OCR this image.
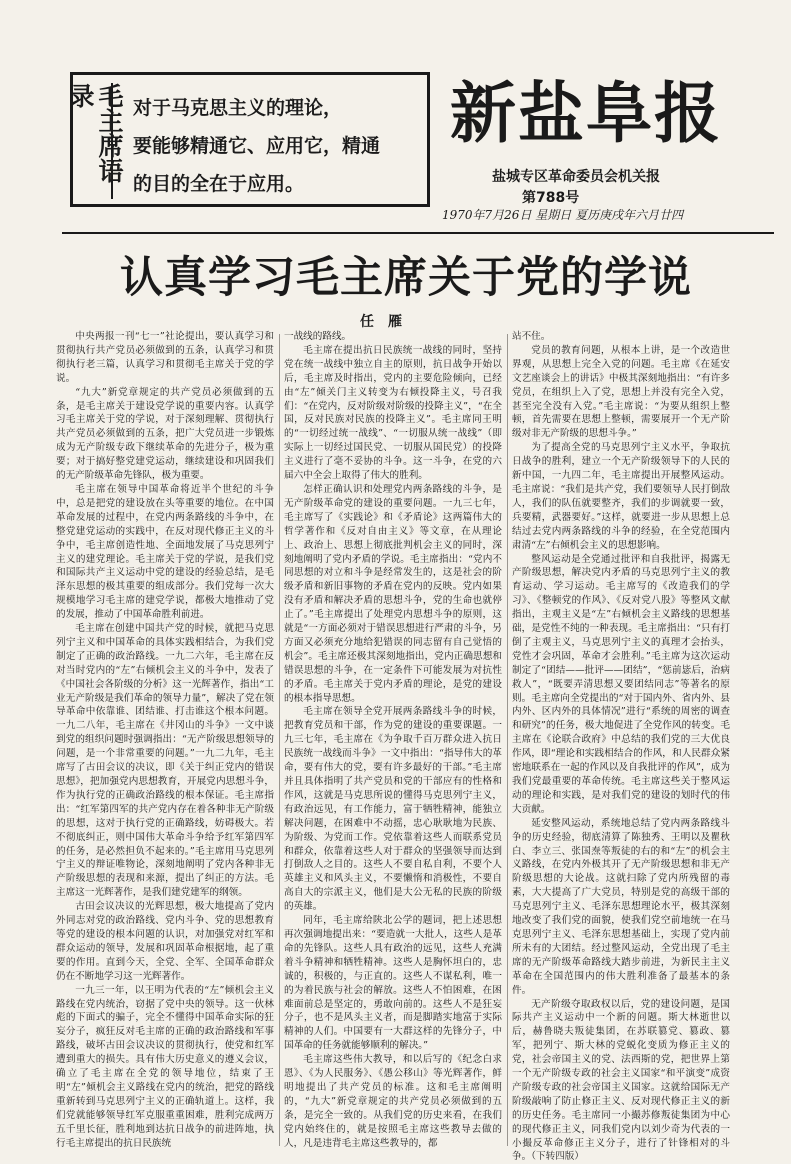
毛主席语录	对于马克思主义的理论，
要能够精通它、应用它，精通
的目的全在于应用。
新盐阜报
盐城专区革命委员会机关报
第788号
1970年7月26日 星期日 夏历庚戌年六月廿四
认真学习毛主席关于党的学说
任雁

中央两报一刊“七一”社论提出，要认真学习和贯彻执行共产党员必须做到的五条，认真学习和贯彻执行老三篇，认真学习和贯彻毛主席关于党的学说。

“九大”新党章规定的共产党员必须做到的五条，是毛主席关于建设党学说的重要内容。认真学习毛主席关于党的学说，对于深刻理解、贯彻执行共产党员必须做到的五条，把广大党员进一步锻炼成为无产阶级专政下继续革命的先进分子，极为重要；对于搞好整党建党运动，继续建设和巩固我们的无产阶级革命先锋队，极为重要。

毛主席在领导中国革命将近半个世纪的斗争中，总是把党的建设放在头等重要的地位。在中国革命发展的过程中，在党内两条路线的斗争中，在整党建党运动的实践中，在反对现代修正主义的斗争中，毛主席创造性地、全面地发展了马克思列宁主义的建党理论。毛主席关于党的学说，是我们党和国际共产主义运动中党的建设的经验总结，是毛泽东思想的极其重要的组成部分。我们党每一次大规模地学习毛主席的建党学说，都极大地推动了党的发展，推动了中国革命胜利前进。

毛主席在创建中国共产党的时候，就把马克思列宁主义和中国革命的具体实践相结合，为我们党制定了正确的政治路线。一九二六年，毛主席在反对当时党内的“左”右倾机会主义的斗争中，发表了《中国社会各阶级的分析》这一光辉著作，指出“工业无产阶级是我们革命的领导力量”，解决了党在领导革命中依靠谁、团结谁、打击谁这个根本问题。一九二八年，毛主席在《井冈山的斗争》一文中谈到党的组织问题时强调指出：“无产阶级思想领导的问题，是一个非常重要的问题。”一九二九年，毛主席写了古田会议的决议，即《关于纠正党内的错误思想》，把加强党内思想教育，开展党内思想斗争，作为执行党的正确政治路线的根本保证。毛主席指出：“红军第四军的共产党内存在着各种非无产阶级的思想，这对于执行党的正确路线，妨碍极大。若不彻底纠正，则中国伟大革命斗争给予红军第四军的任务，是必然担负不起来的。”毛主席用马克思列宁主义的辩证唯物论，深刻地阐明了党内各种非无产阶级思想的表现和来源，提出了纠正的方法。毛主席这一光辉著作，是我们建党建军的纲领。

古田会议决议的光辉思想，极大地提高了党内外同志对党的政治路线、党内斗争、党的思想教育等党的建设的根本问题的认识，对加强党对红军和群众运动的领导，发展和巩固革命根据地，起了重要的作用。直到今天，全党、全军、全国革命群众仍在不断地学习这一光辉著作。

一九三一年，以王明为代表的“左”倾机会主义路线在党内统治，窃据了党中央的领导。这一伙林彪的下面式的骗子，完全不懂得中国革命实际的狂妄分子，疯狂反对毛主席的正确的政治路线和军事路线，破坏古田会议决议的贯彻执行，使党和红军遭到重大的损失。具有伟大历史意义的遵义会议，确立了毛主席在全党的领导地位，结束了王明“左”倾机会主义路线在党内的统治，把党的路线重新转到马克思列宁主义的正确轨道上。这样，我们党就能够领导红军克服重重困难，胜利完成两万五千里长征，胜利地到达抗日战争的前进阵地，执行毛主席提出的抗日民族统

一战线的路线。

毛主席在提出抗日民族统一战线的同时，坚持党在统一战线中独立自主的原则，抗日战争开始以后，毛主席及时指出，党内的主要危险倾向，已经由“左”倾关门主义转变为右倾投降主义，号召我们：“在党内，反对阶级对阶级的投降主义”，“在全国，反对民族对民族的投降主义”。毛主席同王明的“一切经过统一战线”、“一切服从统一战线”（即实际上一切经过国民党、一切服从国民党）的投降主义进行了毫不妥协的斗争。这一斗争，在党的六届六中全会上取得了伟大的胜利。

怎样正确认识和处理党内两条路线的斗争，是无产阶级革命党的建设的重要问题。一九三七年，毛主席写了《实践论》和《矛盾论》这两篇伟大的哲学著作和《反对自由主义》等文章，在从理论上、政治上、思想上彻底批判机会主义的同时，深刻地阐明了党内矛盾的学说。毛主席指出：“党内不同思想的对立和斗争是经常发生的，这是社会的阶级矛盾和新旧事物的矛盾在党内的反映。党内如果没有矛盾和解决矛盾的思想斗争，党的生命也就停止了。”毛主席提出了处理党内思想斗争的原则，这就是“一方面必须对于错误思想进行严肃的斗争，另方面又必须充分地给犯错误的同志留有自己觉悟的机会”。毛主席还极其深刻地指出，党内正确思想和错误思想的斗争，在一定条件下可能发展为对抗性的矛盾。毛主席关于党内矛盾的理论，是党的建设的根本指导思想。

毛主席在领导全党开展两条路线斗争的时候，把教育党员和干部，作为党的建设的重要课题。一九三七年，毛主席在《为争取千百万群众进入抗日民族统一战线而斗争》一文中指出：“指导伟大的革命，要有伟大的党，要有许多最好的干部。”毛主席并且具体指明了共产党员和党的干部应有的性格和作风，这就是马克思所说的懂得马克思列宁主义，有政治远见，有工作能力，富于牺牲精神，能独立解决问题，在困难中不动摇，忠心耿耿地为民族、为阶级、为党而工作。党依靠着这些人而联系党员和群众，依靠着这些人对于群众的坚强领导而达到打倒敌人之目的。这些人不要自私自利，不要个人英雄主义和风头主义，不要懒惰和消极性，不要自高自大的宗派主义，他们是大公无私的民族的阶级的英雄。

同年，毛主席给陕北公学的题词，把上述思想再次强调地提出来：“要造就一大批人，这些人是革命的先锋队。这些人具有政治的远见，这些人充满着斗争精神和牺牲精神。这些人是胸怀坦白的，忠诚的，积极的，与正直的。这些人不谋私利，唯一的为着民族与社会的解放。这些人不怕困难，在困难面前总是坚定的，勇敢向前的。这些人不是狂妄分子，也不是风头主义者，而是脚踏实地富于实际精神的人们。中国要有一大群这样的先锋分子，中国革命的任务就能够顺利的解决。”

毛主席这些伟大教导，和以后写的《纪念白求恩》、《为人民服务》、《愚公移山》等光辉著作，鲜明地提出了共产党员的标准。这和毛主席阐明的，“九大”新党章规定的共产党员必须做到的五条，是完全一致的。从我们党的历史来看，在我们党内始终住的，就是按照毛主席这些教导去做的人，凡是违背毛主席这些教导的，都

站不住。

党员的教育问题，从根本上讲，是一个改造世界观，从思想上完全入党的问题。毛主席《在延安文艺座谈会上的讲话》中极其深刻地指出：“有许多党员，在组织上入了党，思想上并没有完全入党，甚至完全没有入党。”毛主席说：“为要从组织上整顿，首先需要在思想上整顿，需要展开一个无产阶级对非无产阶级的思想斗争。”

为了提高全党的马克思列宁主义水平，争取抗日战争的胜利，建立一个无产阶级领导下的人民的新中国，一九四二年，毛主席提出开展整风运动。毛主席说：“我们是共产党，我们要领导人民打倒敌人，我们的队伍就要整齐，我们的步调就要一致，兵要精，武器要好。”这样，就要进一步从思想上总结过去党内两条路线的斗争的经验，在全党范围内肃清“左”右倾机会主义的思想影响。

整风运动是全党通过批评和自我批评，揭露无产阶级思想，解决党内矛盾的马克思列宁主义的教育运动、学习运动。毛主席写的《改造我们的学习》、《整顿党的作风》、《反对党八股》等整风文献指出，主观主义是“左”右倾机会主义路线的思想基础，是党性不纯的一种表现。毛主席指出：“只有打倒了主观主义，马克思列宁主义的真理才会抬头，党性才会巩固，革命才会胜利。”毛主席为这次运动制定了“团结——批评——团结”，“惩前毖后，治病救人”，“既要弄清思想又要团结同志”等著名的原则。毛主席向全党提出的“对于国内外、省内外、县内外、区内外的具体情况”进行“系统的周密的调查和研究”的任务，极大地促进了全党作风的转变。毛主席在《论联合政府》中总结的我们党的三大优良作风，即“理论和实践相结合的作风，和人民群众紧密地联系在一起的作风以及自我批评的作风”，成为我们党最重要的革命传统。毛主席这些关于整风运动的理论和实践，是对我们党的建设的划时代的伟大贡献。

延安整风运动，系统地总结了党内两条路线斗争的历史经验，彻底清算了陈独秀、王明以及瞿秋白、李立三、张国焘等叛徒的右的和“左”的机会主义路线，在党内外极其开了无产阶级思想和非无产阶级思想的大论战。这就扫除了党内所残留的毒素，大大提高了广大党员，特别是党的高级干部的马克思列宁主义、毛泽东思想理论水平，极其深刻地改变了我们党的面貌，使我们党空前地统一在马克思列宁主义、毛泽东思想基础上，实现了党内前所未有的大团结。经过整风运动，全党出现了毛主席的无产阶级革命路线大踏步前进，为新民主主义革命在全国范围内的伟大胜利准备了最基本的条件。

无产阶级夺取政权以后，党的建设问题，是国际共产主义运动中一个新的问题。斯大林逝世以后，赫鲁晓夫叛徒集团，在苏联篡党、篡政、篡军，把列宁、斯大林的党蜕化变质为修正主义的党，社会帝国主义的党、法西斯的党，把世界上第一个无产阶级专政的社会主义国家“和平演变”成资产阶级专政的社会帝国主义国家。这就给国际无产阶级敲响了防止修正主义、反对现代修正主义的新的历史任务。毛主席同一小撮苏修叛徒集团为中心的现代修正主义，同我们党内以刘少奇为代表的一小撮反革命修正主义分子，进行了针锋相对的斗争。（下转四版）
